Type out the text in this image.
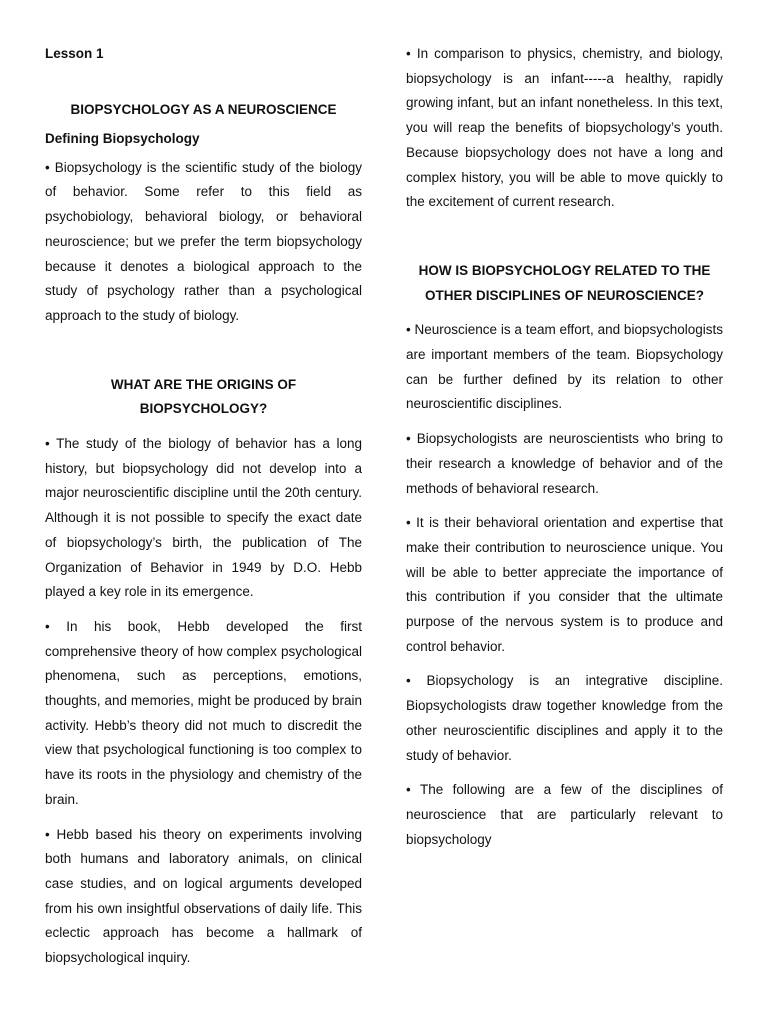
Lesson 1

BIOPSYCHOLOGY AS A NEUROSCIENCE

Defining Biopsychology

• Biopsychology is the scientific study of the biology of behavior. Some refer to this field as psychobiology, behavioral biology, or behavioral neuroscience; but we prefer the term biopsychology because it denotes a biological approach to the study of psychology rather than a psychological approach to the study of biology.

WHAT ARE THE ORIGINS OF

BIOPSYCHOLOGY?

• The study of the biology of behavior has a long history, but biopsychology did not develop into a major neuroscientific discipline until the 20th century. Although it is not possible to specify the exact date of biopsychology’s birth, the publication of The Organization of Behavior in 1949 by D.O. Hebb played a key role in its emergence.

• In his book, Hebb developed the first comprehensive theory of how complex psychological phenomena, such as perceptions, emotions, thoughts, and memories, might be produced by brain activity. Hebb’s theory did not much to discredit the view that psychological functioning is too complex to have its roots in the physiology and chemistry of the brain.

• Hebb based his theory on experiments involving both humans and laboratory animals, on clinical case studies, and on logical arguments developed from his own insightful observations of daily life. This eclectic approach has become a hallmark of biopsychological inquiry.

• In comparison to physics, chemistry, and biology, biopsychology is an infant-----a healthy, rapidly growing infant, but an infant nonetheless. In this text, you will reap the benefits of biopsychology’s youth. Because biopsychology does not have a long and complex history, you will be able to move quickly to the excitement of current research.

HOW IS BIOPSYCHOLOGY RELATED TO THE

OTHER DISCIPLINES OF NEUROSCIENCE?

• Neuroscience is a team effort, and biopsychologists are important members of the team. Biopsychology can be further defined by its relation to other neuroscientific disciplines.

• Biopsychologists are neuroscientists who bring to their research a knowledge of behavior and of the methods of behavioral research.

• It is their behavioral orientation and expertise that make their contribution to neuroscience unique. You will be able to better appreciate the importance of this contribution if you consider that the ultimate purpose of the nervous system is to produce and control behavior.

• Biopsychology is an integrative discipline. Biopsychologists draw together knowledge from the other neuroscientific disciplines and apply it to the study of behavior.

• The following are a few of the disciplines of neuroscience that are particularly relevant to biopsychology
